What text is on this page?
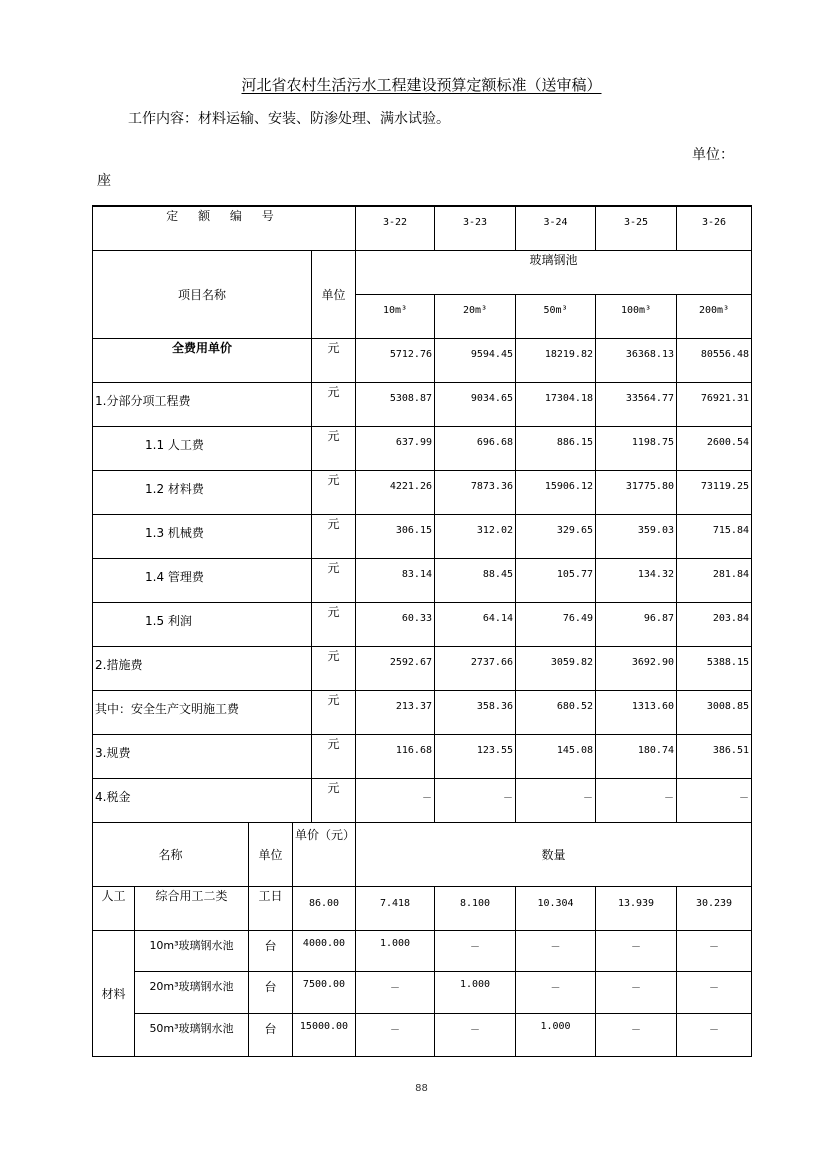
河北省农村生活污水工程建设预算定额标准（送审稿）
工作内容：材料运输、安装、防渗处理、满水试验。
单位：
座
定 额 编 号					3-22	3-23	3-24	3-25	3-26
项目名称				单位	玻璃钢池				
					10m³	20m³	50m³	100m³	200m³
全费用单价				元	5712.76	9594.45	18219.82	36368.13	80556.48
1.分部分项工程费				元	5308.87	9034.65	17304.18	33564.77	76921.31
1.1 人工费				元	637.99	696.68	886.15	1198.75	2600.54
1.2 材料费				元	4221.26	7873.36	15906.12	31775.80	73119.25
1.3 机械费				元	306.15	312.02	329.65	359.03	715.84
1.4 管理费				元	83.14	88.45	105.77	134.32	281.84
1.5 利润				元	60.33	64.14	76.49	96.87	203.84
2.措施费				元	2592.67	2737.66	3059.82	3692.90	5388.15
其中：安全生产文明施工费				元	213.37	358.36	680.52	1313.60	3008.85
3.规费				元	116.68	123.55	145.08	180.74	386.51
4.税金				元	－	－	－	－	－
名称		单位	单价（元）		数量				
人工	综合用工二类	工日	86.00		7.418	8.100	10.304	13.939	30.239
材料	10m³玻璃钢水池	台	4000.00		1.000	－	－	－	－
	20m³玻璃钢水池	台	7500.00		－	1.000	－	－	－
	50m³玻璃钢水池	台	15000.00		－	－	1.000	－	－
88
